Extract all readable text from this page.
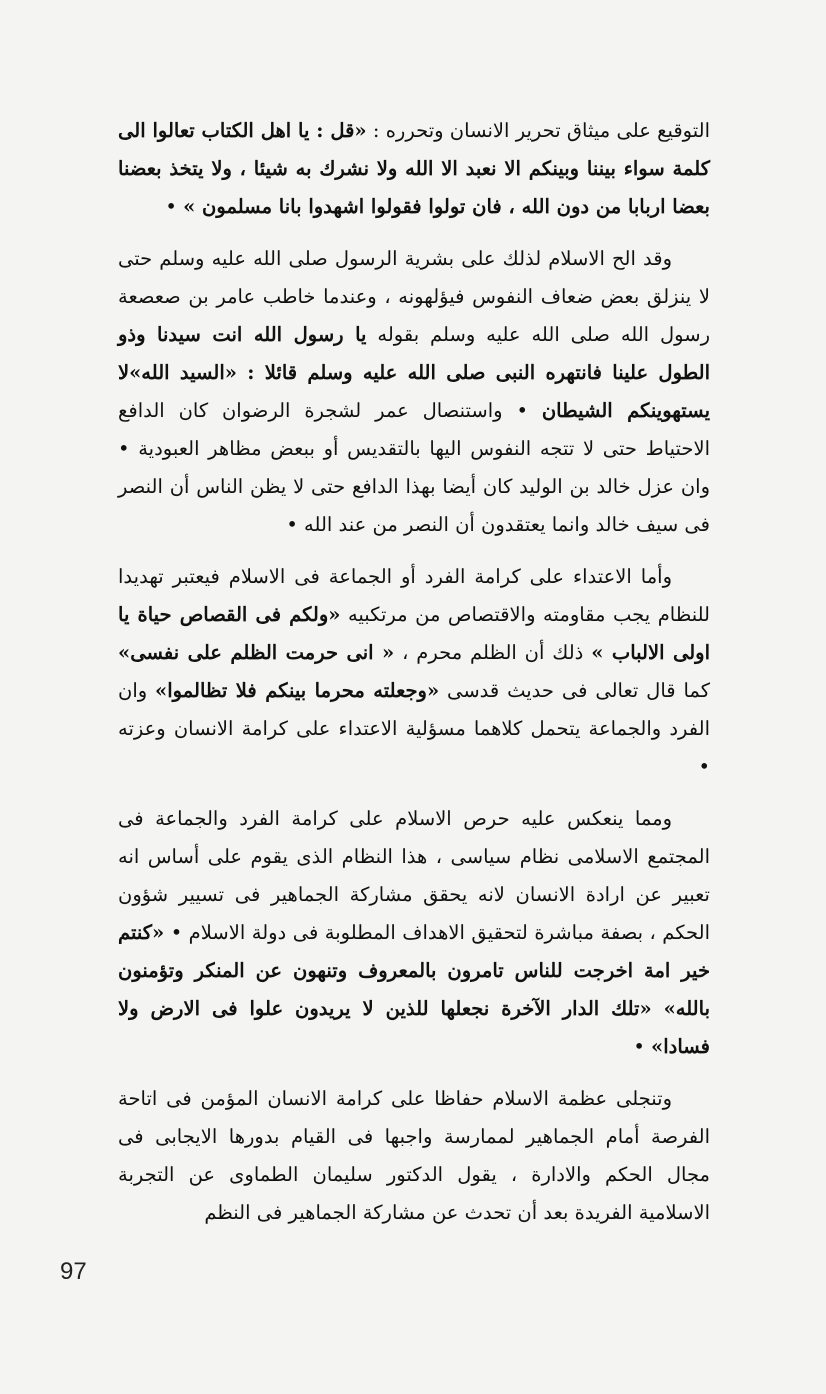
التوقيع على ميثاق تحرير الانسان وتحرره : «قل : يا اهل الكتاب تعالوا الى كلمة سواء بيننا وبينكم الا نعبد الا الله ولا نشرك به شيئا ، ولا يتخذ بعضنا بعضا اربابا من دون الله ، فان تولوا فقولوا اشهدوا بانا مسلمون » •

وقد الح الاسلام لذلك على بشرية الرسول صلى الله عليه وسلم حتى لا ينزلق بعض ضعاف النفوس فيؤلهونه ، وعندما خاطب عامر بن صعصعة رسول الله صلى الله عليه وسلم بقوله يا رسول الله انت سيدنا وذو الطول علينا فانتهره النبى صلى الله عليه وسلم قائلا : «السيد الله»لا يستهوينكم الشيطان • واستنصال عمر لشجرة الرضوان كان الدافع الاحتياط حتى لا تتجه النفوس اليها بالتقديس أو ببعض مظاهر العبودية • وان عزل خالد بن الوليد كان أيضا بهذا الدافع حتى لا يظن الناس أن النصر فى سيف خالد وانما يعتقدون أن النصر من عند الله •

وأما الاعتداء على كرامة الفرد أو الجماعة فى الاسلام فيعتبر تهديدا للنظام يجب مقاومته والاقتصاص من مرتكبيه «ولكم فى القصاص حياة يا اولى الالباب » ذلك أن الظلم محرم ، « انى حرمت الظلم على نفسى» كما قال تعالى فى حديث قدسى «وجعلته محرما بينكم فلا تظالموا» وان الفرد والجماعة يتحمل كلاهما مسؤلية الاعتداء على كرامة الانسان وعزته •

ومما ينعكس عليه حرص الاسلام على كرامة الفرد والجماعة فى المجتمع الاسلامى نظام سياسى ، هذا النظام الذى يقوم على أساس انه تعبير عن ارادة الانسان لانه يحقق مشاركة الجماهير فى تسيير شؤون الحكم ، بصفة مباشرة لتحقيق الاهداف المطلوبة فى دولة الاسلام • «كنتم خير امة اخرجت للناس تامرون بالمعروف وتنهون عن المنكر وتؤمنون بالله» «تلك الدار الآخرة نجعلها للذين لا يريدون علوا فى الارض ولا فسادا» •

وتنجلى عظمة الاسلام حفاظا على كرامة الانسان المؤمن فى اتاحة الفرصة أمام الجماهير لممارسة واجبها فى القيام بدورها الايجابى فى مجال الحكم والادارة ، يقول الدكتور سليمان الطماوى عن التجربة الاسلامية الفريدة بعد أن تحدث عن مشاركة الجماهير فى النظم

97
